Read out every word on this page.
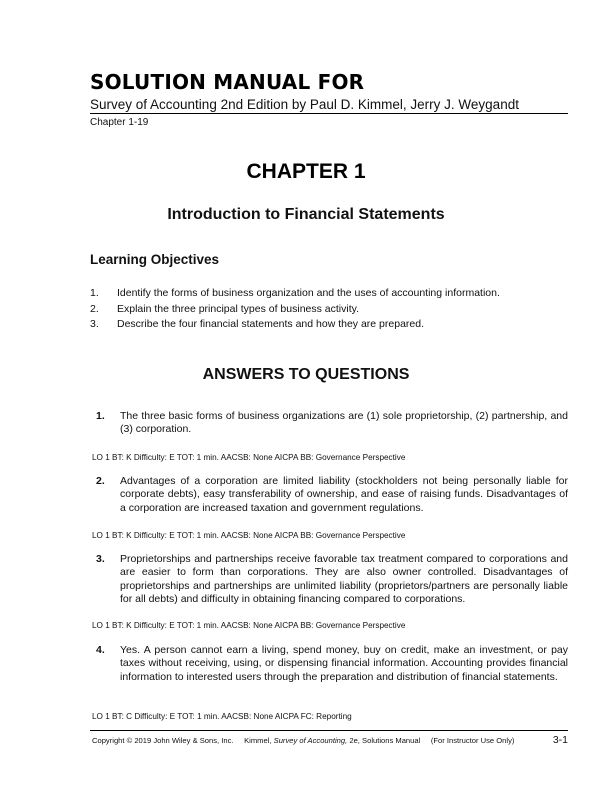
SOLUTION MANUAL FOR
Survey of Accounting 2nd Edition by Paul D. Kimmel, Jerry J. Weygandt
Chapter 1-19
CHAPTER 1
Introduction to Financial Statements
Learning Objectives
1. Identify the forms of business organization and the uses of accounting information.
2. Explain the three principal types of business activity.
3. Describe the four financial statements and how they are prepared.
ANSWERS TO QUESTIONS
1. The three basic forms of business organizations are (1) sole proprietorship, (2) partnership, and (3) corporation.
LO 1 BT: K Difficulty: E TOT: 1 min. AACSB: None AICPA BB: Governance Perspective
2. Advantages of a corporation are limited liability (stockholders not being personally liable for corporate debts), easy transferability of ownership, and ease of raising funds. Disadvantages of a corporation are increased taxation and government regulations.
LO 1 BT: K Difficulty: E TOT: 1 min. AACSB: None AICPA BB: Governance Perspective
3. Proprietorships and partnerships receive favorable tax treatment compared to corporations and are easier to form than corporations. They are also owner controlled. Disadvantages of proprietorships and partnerships are unlimited liability (proprietors/partners are personally liable for all debts) and difficulty in obtaining financing compared to corporations.
LO 1 BT: K Difficulty: E TOT: 1 min. AACSB: None AICPA BB: Governance Perspective
4. Yes. A person cannot earn a living, spend money, buy on credit, make an investment, or pay taxes without receiving, using, or dispensing financial information. Accounting provides financial information to interested users through the preparation and distribution of financial statements.
LO 1 BT: C Difficulty: E TOT: 1 min. AACSB: None AICPA FC: Reporting
Copyright © 2019 John Wiley & Sons, Inc. Kimmel, Survey of Accounting, 2e, Solutions Manual (For Instructor Use Only)	3-1
